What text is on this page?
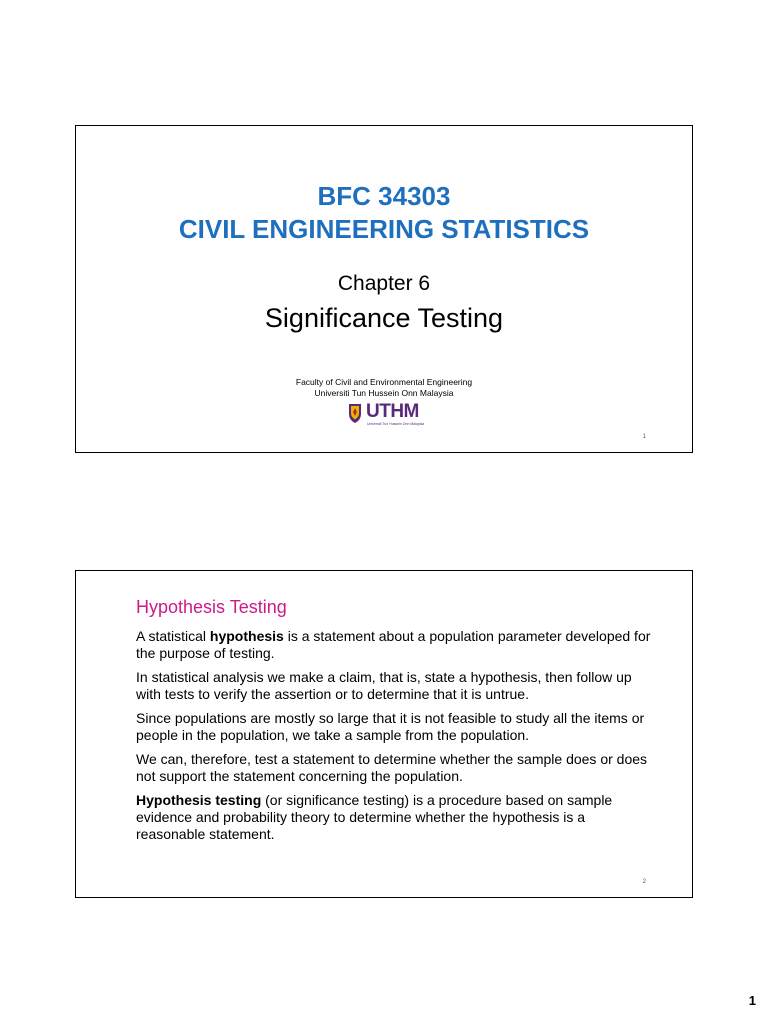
BFC 34303
CIVIL ENGINEERING STATISTICS
Chapter 6
Significance Testing
Faculty of Civil and Environmental Engineering
Universiti Tun Hussein Onn Malaysia
UTHM
Universiti Tun Hussein Onn Malaysia
1
Hypothesis Testing

A statistical hypothesis is a statement about a population parameter developed for the purpose of testing.

In statistical analysis we make a claim, that is, state a hypothesis, then follow up with tests to verify the assertion or to determine that it is untrue.

Since populations are mostly so large that it is not feasible to study all the items or people in the population, we take a sample from the population.

We can, therefore, test a statement to determine whether the sample does or does not support the statement concerning the population.

Hypothesis testing (or significance testing) is a procedure based on sample evidence and probability theory to determine whether the hypothesis is a reasonable statement.

2
1
